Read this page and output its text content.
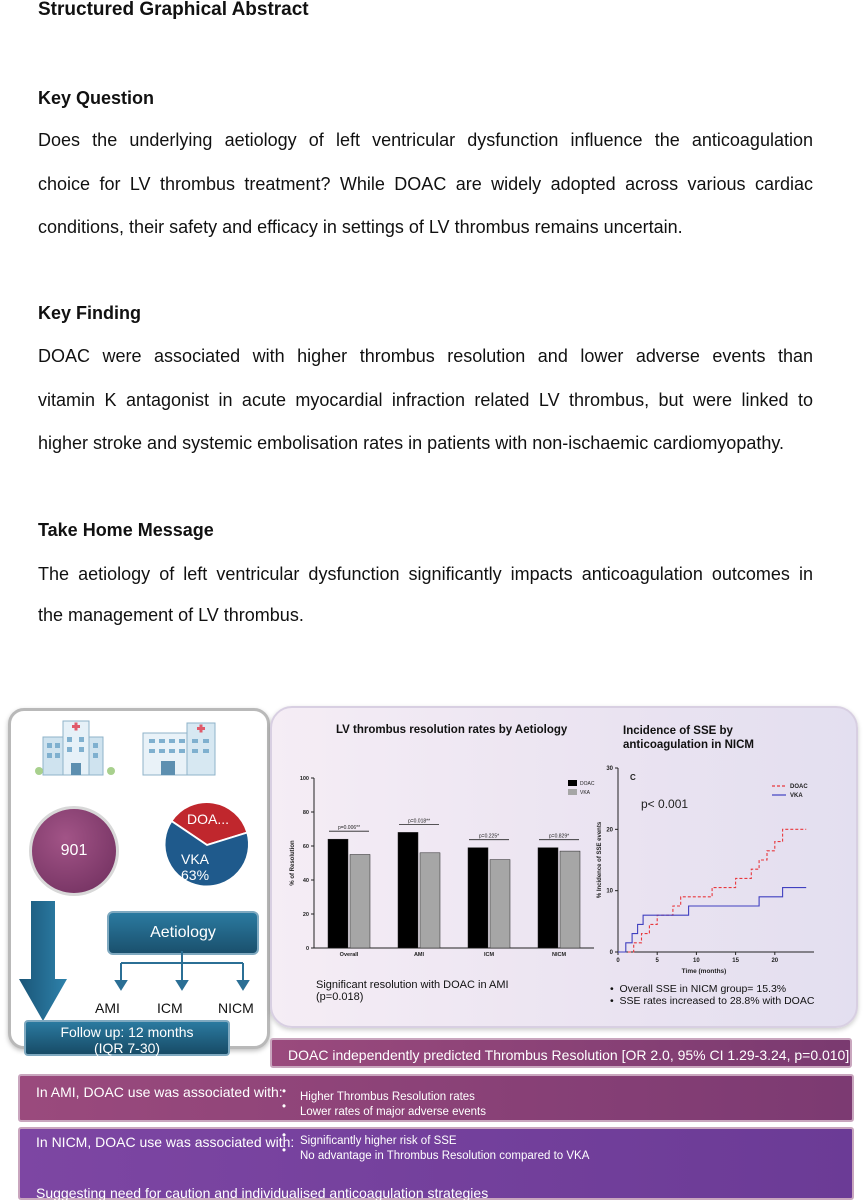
Structured Graphical Abstract
Key Question

Does the underlying aetiology of left ventricular dysfunction influence the anticoagulation

choice for LV thrombus treatment? While DOAC are widely adopted across various cardiac

conditions, their safety and efficacy in settings of LV thrombus remains uncertain.

Key Finding

DOAC were associated with higher thrombus resolution and lower adverse events than

vitamin K antagonist in acute myocardial infraction related LV thrombus, but were linked to

higher stroke and systemic embolisation rates in patients with non-ischaemic cardiomyopathy.

Take Home Message

The aetiology of left ventricular dysfunction significantly impacts anticoagulation outcomes in

the management of LV thrombus.

901
DOA...
VKA
63%
Aetiology
AMI	ICM	NICM
Follow up: 12 months
(IQR 7-30)
LV thrombus resolution rates by Aetiology
0
20
40
60
80
100
% of Resolution
Overall
p=0.006**
AMI
p=0.018**
ICM
p=0.225*
NICM
p=0.829*
DOAC
VKA
Significant resolution with DOAC in AMI
(p=0.018)
Incidence of SSE by
anticoagulation in NICM
0
10
20
30
0	5	10	15	20
Time (months)
% Incidence of SSE events
C
p< 0.001
DOAC
VKA
•  Overall SSE in NICM group= 15.3%
•  SSE rates increased to 28.8% with DOAC
DOAC independently predicted Thrombus Resolution [OR 2.0, 95% CI 1.29-3.24, p=0.010]
In AMI, DOAC use was associated with:	• Higher Thrombus Resolution rates
• Lower rates of major adverse events
In NICM, DOAC use was associated with: • Significantly higher risk of SSE
• No advantage in Thrombus Resolution compared to VKA
Suggesting need for caution and individualised anticoagulation strategies
